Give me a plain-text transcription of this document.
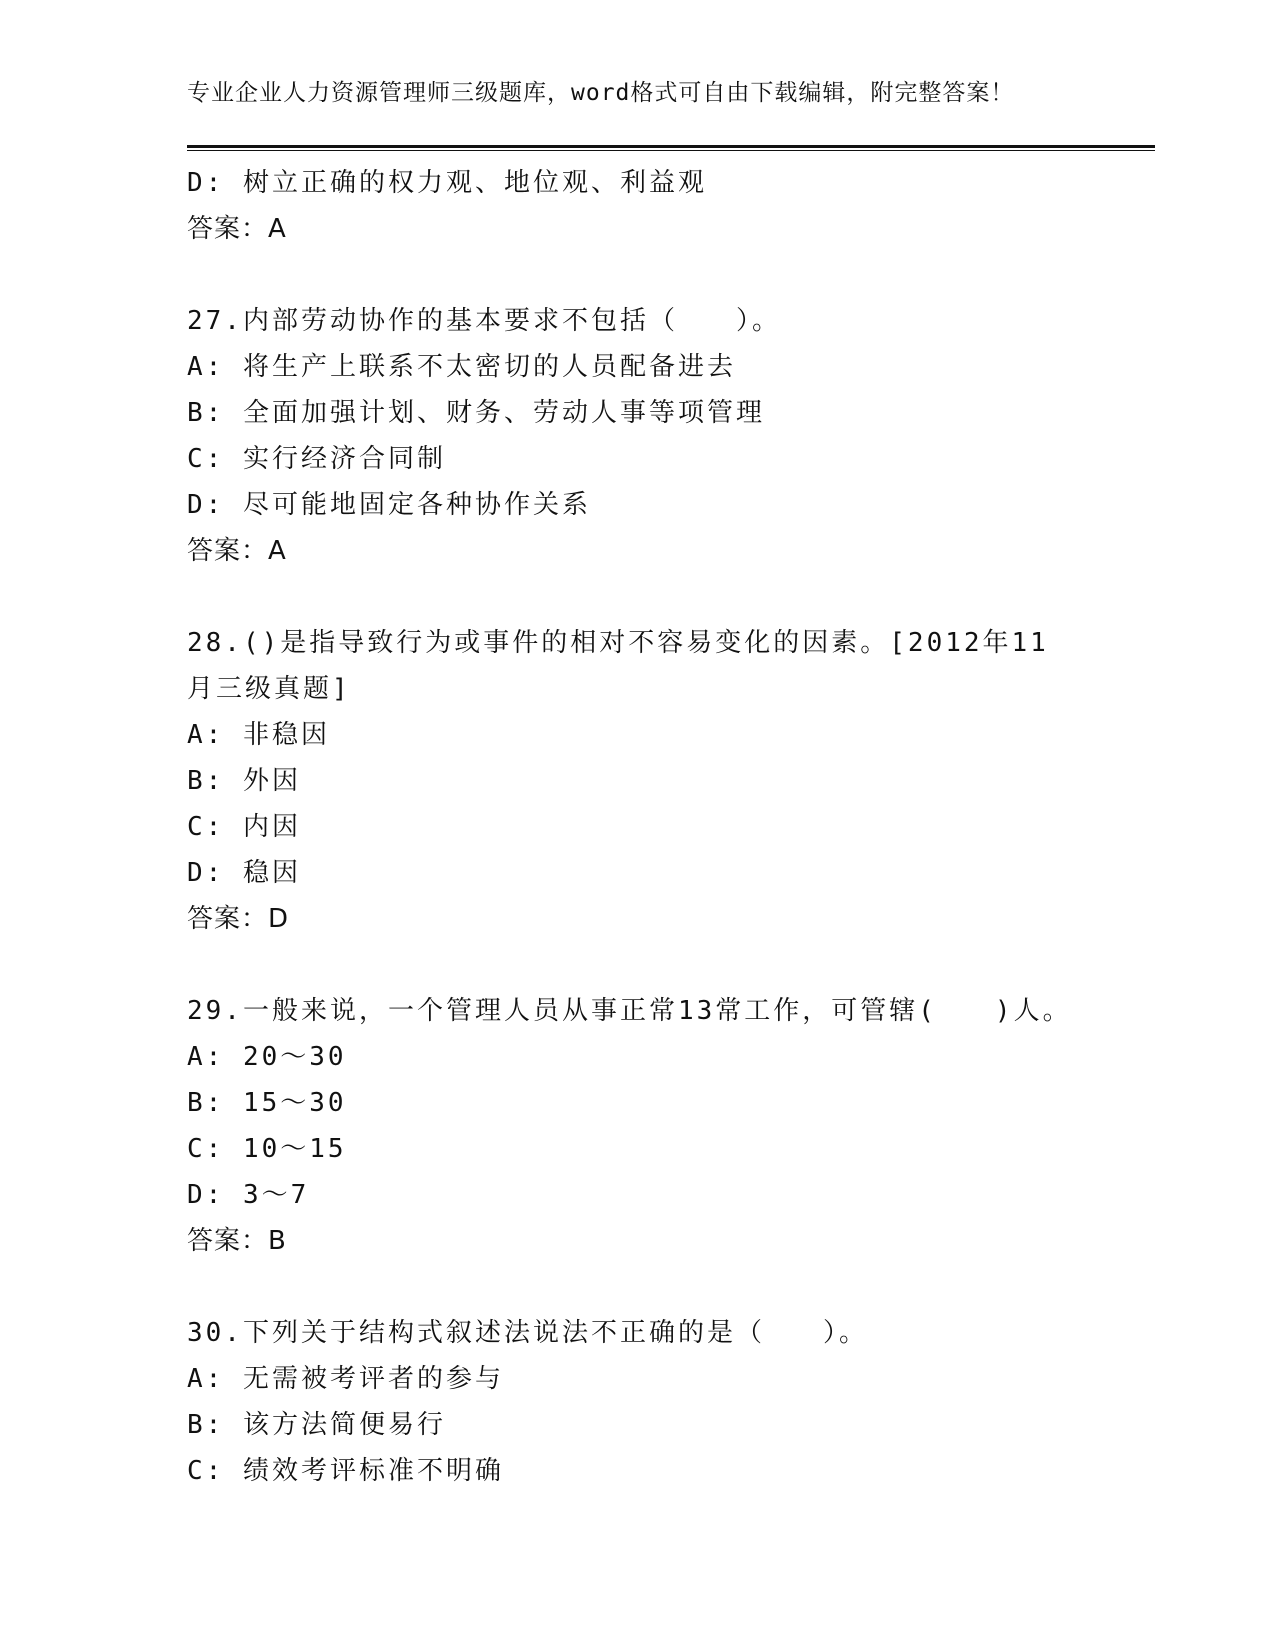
专业企业人力资源管理师三级题库，word格式可自由下载编辑，附完整答案！
D: 树立正确的权力观、地位观、利益观
答案：A
27.内部劳动协作的基本要求不包括（　　）。
A: 将生产上联系不太密切的人员配备进去
B: 全面加强计划、财务、劳动人事等项管理
C: 实行经济合同制
D: 尽可能地固定各种协作关系
答案：A
28.()是指导致行为或事件的相对不容易变化的因素。[2012年11月三级真题]
A: 非稳因
B: 外因
C: 内因
D: 稳因
答案：D
29.一般来说，一个管理人员从事正常13常工作，可管辖(　　)人。
A: 20～30
B: 15～30
C: 10～15
D: 3～7
答案：B
30.下列关于结构式叙述法说法不正确的是（　　）。
A: 无需被考评者的参与
B: 该方法简便易行
C: 绩效考评标准不明确
